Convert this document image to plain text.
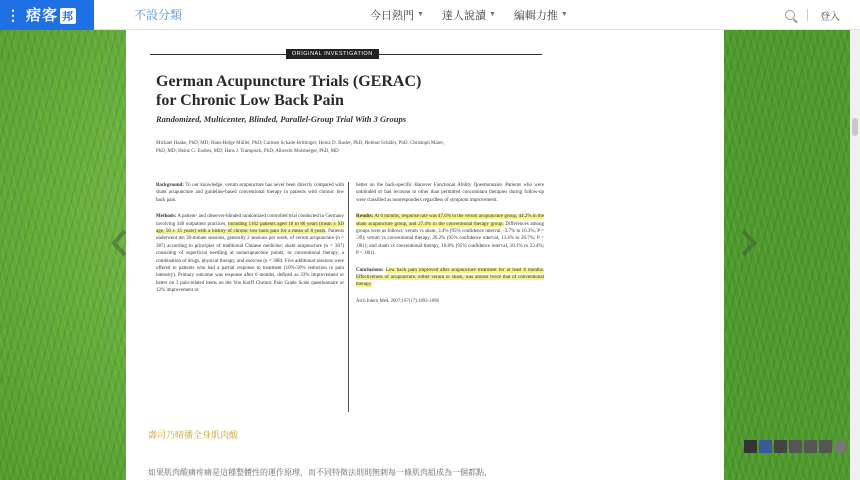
⋮ 痞客 邦	不設分類	今日熱門 ▼ 達人說讀 ▼ 編輯力推 ▼	登入
ORIGINAL INVESTIGATION
German Acupuncture Trials (GERAC)
for Chronic Low Back Pain
Randomized, Multicenter, Blinded, Parallel-Group Trial With 3 Groups
Michael Haake, PhD, MD; Hans-Helge Müller, PhD; Carmen Schade-Brittinger; Heinz D. Basler, PhD; Helmut Schäfer, PhD; Christoph Maier, PhD, MD; Heinz G. Endres, MD; Hans J. Trampisch, PhD; Albrecht Molsberger, PhD, MD

Background: To our knowledge, verum acupuncture has never been directly compared with sham acupuncture and guideline-based conventional therapy in patients with chronic low back pain.

Methods: A patient- and observer-blinded randomized controlled trial conducted in Germany involving 340 outpatient practices, including 1162 patients aged 18 to 86 years (mean ± SD age, 50 ± 15 years) with a history of chronic low back pain for a mean of 8 years. Patients underwent ten 30-minute sessions, generally 2 sessions per week, of verum acupuncture (n = 387) according to principles of traditional Chinese medicine; sham acupuncture (n = 387) consisting of superficial needling at nonacupuncture points; or conventional therapy, a combination of drugs, physical therapy, and exercise (n = 388). Five additional sessions were offered to patients who had a partial response to treatment (10%-50% reduction in pain intensity). Primary outcome was response after 6 months, defined as 33% improvement or better on 3 pain-related items on the Von Korff Chronic Pain Grade Scale questionnaire or 12% improvement or

better on the back-specific Hanover Functional Ability Questionnaire. Patients who were unblinded or had recourse to other than permitted concomitant therapies during follow-up were classified as nonresponders regardless of symptom improvement.

Results: At 6 months, response rate was 47.6% in the verum acupuncture group, 44.2% in the sham acupuncture group, and 27.4% in the conventional therapy group. Differences among groups were as follows: verum vs sham, 3.4% (95% confidence interval, -3.7% to 10.3%; P = .39); verum vs conventional therapy, 20.2% (95% confidence interval, 13.4% to 26.7%; P < .001); and sham vs conventional therapy, 16.8% (95% confidence interval, 10.1% to 23.4%; P < .001).

Conclusions: Low back pain improved after acupuncture treatment for at least 6 months. Effectiveness of acupuncture, either verum or sham, was almost twice that of conventional therapy.

Arch Intern Med. 2007;167(17):1892-1898

壽司乃晴播全身肌肉酸

如果肌肉酸痛疼痛是這種整體性的運作原理，而不同特徵法則則無刺每一條肌肉組成為一個都點，
